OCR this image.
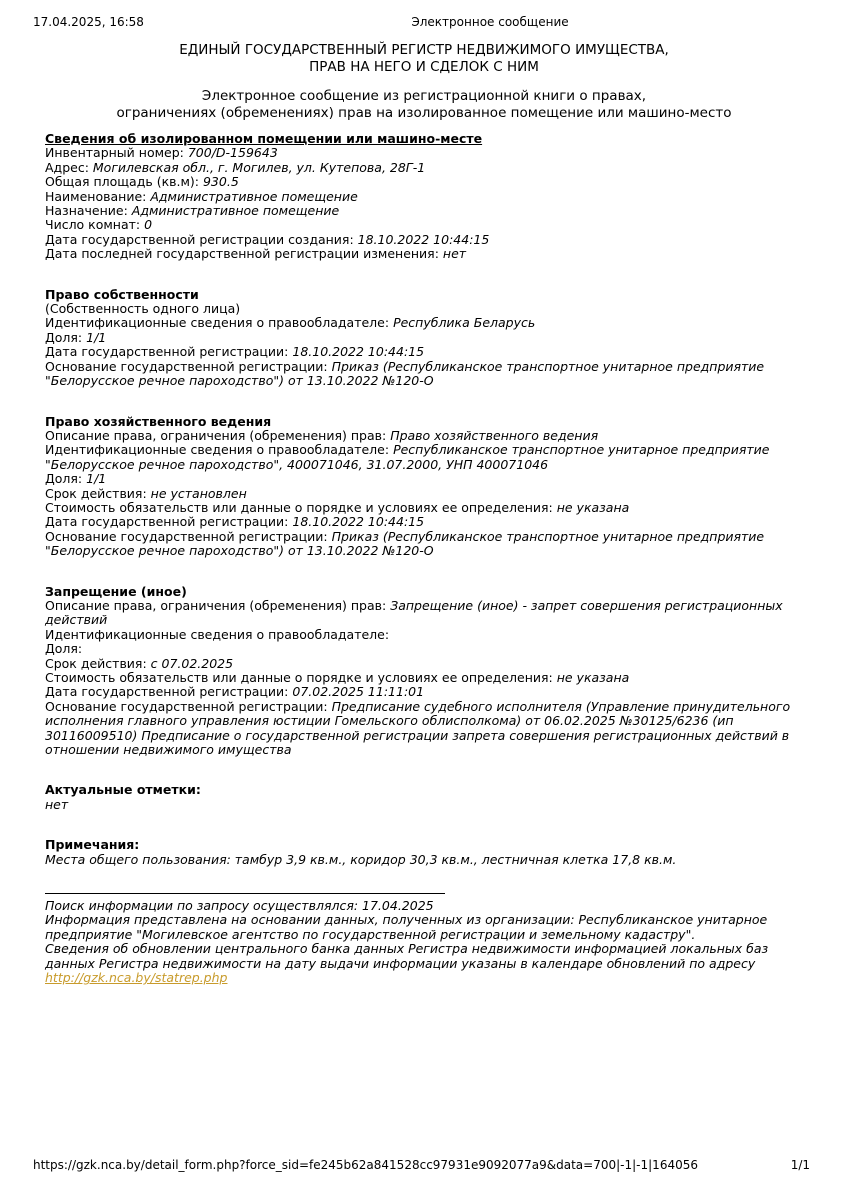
17.04.2025, 16:58	Электронное сообщение
ЕДИНЫЙ ГОСУДАРСТВЕННЫЙ РЕГИСТР НЕДВИЖИМОГО ИМУЩЕСТВА,
ПРАВ НА НЕГО И СДЕЛОК С НИМ
Электронное сообщение из регистрационной книги о правах,
ограничениях (обременениях) прав на изолированное помещение или машино-место
Сведения об изолированном помещении или машино-месте
Инвентарный номер: 700/D-159643
Адрес: Могилевская обл., г. Могилев, ул. Кутепова, 28Г-1
Общая площадь (кв.м): 930.5
Наименование: Административное помещение
Назначение: Административное помещение
Число комнат: 0
Дата государственной регистрации создания: 18.10.2022 10:44:15
Дата последней государственной регистрации изменения: нет
Право собственности
(Собственность одного лица)
Идентификационные сведения о правообладателе: Республика Беларусь
Доля: 1/1
Дата государственной регистрации: 18.10.2022 10:44:15
Основание государственной регистрации: Приказ (Республиканское транспортное унитарное предприятие "Белорусское речное пароходство") от 13.10.2022 №120-О
Право хозяйственного ведения
Описание права, ограничения (обременения) прав: Право хозяйственного ведения
Идентификационные сведения о правообладателе: Республиканское транспортное унитарное предприятие "Белорусское речное пароходство", 400071046, 31.07.2000, УНП 400071046
Доля: 1/1
Срок действия: не установлен
Стоимость обязательств или данные о порядке и условиях ее определения: не указана
Дата государственной регистрации: 18.10.2022 10:44:15
Основание государственной регистрации: Приказ (Республиканское транспортное унитарное предприятие "Белорусское речное пароходство") от 13.10.2022 №120-О
Запрещение (иное)
Описание права, ограничения (обременения) прав: Запрещение (иное) - запрет совершения регистрационных действий
Идентификационные сведения о правообладателе:
Доля:
Срок действия: с 07.02.2025
Стоимость обязательств или данные о порядке и условиях ее определения: не указана
Дата государственной регистрации: 07.02.2025 11:11:01
Основание государственной регистрации: Предписание судебного исполнителя (Управление принудительного исполнения главного управления юстиции Гомельского облисполкома) от 06.02.2025 №30125/6236 (ип 30116009510) Предписание о государственной регистрации запрета совершения регистрационных действий в отношении недвижимого имущества
Актуальные отметки:
нет
Примечания:
Места общего пользования: тамбур 3,9 кв.м., коридор 30,3 кв.м., лестничная клетка 17,8 кв.м.
Поиск информации по запросу осуществлялся: 17.04.2025
Информация представлена на основании данных, полученных из организации: Республиканское унитарное предприятие "Могилевское агентство по государственной регистрации и земельному кадастру".
Сведения об обновлении центрального банка данных Регистра недвижимости информацией локальных баз данных Регистра недвижимости на дату выдачи информации указаны в календаре обновлений по адресу
http://gzk.nca.by/statrep.php
https://gzk.nca.by/detail_form.php?force_sid=fe245b62a841528cc97931e9092077a9&data=700|-1|-1|164056	1/1
